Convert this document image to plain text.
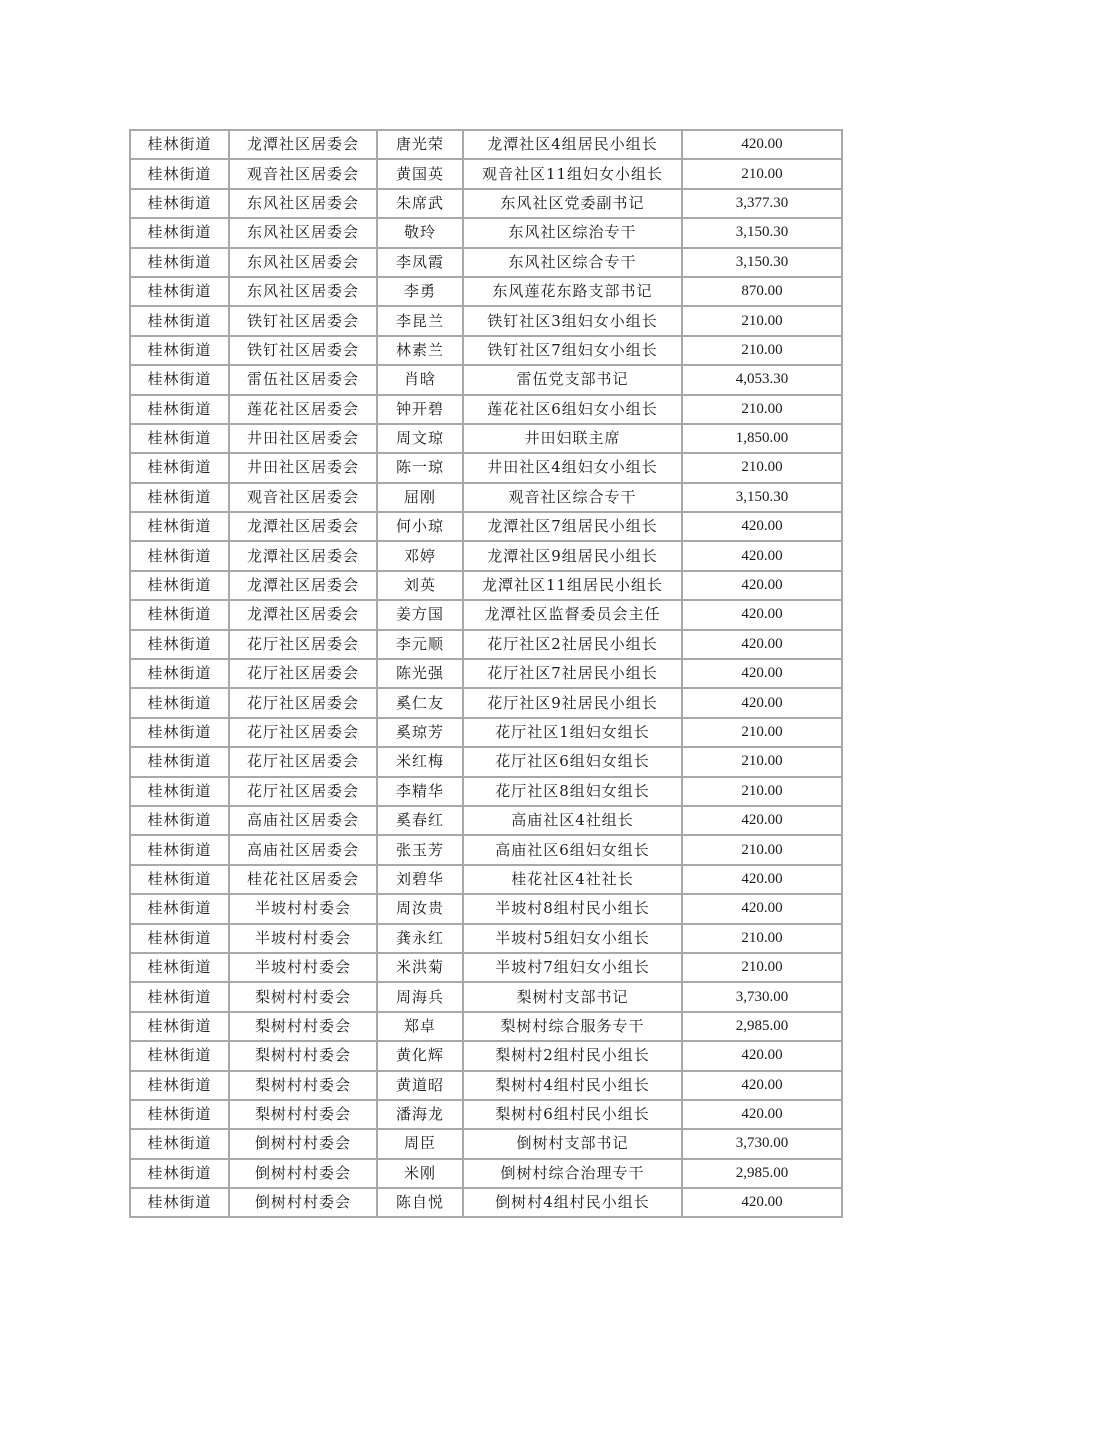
桂林街道	龙潭社区居委会	唐光荣	龙潭社区4组居民小组长	420.00
桂林街道	观音社区居委会	黄国英	观音社区11组妇女小组长	210.00
桂林街道	东风社区居委会	朱席武	东风社区党委副书记	3,377.30
桂林街道	东风社区居委会	敬玲	东风社区综治专干	3,150.30
桂林街道	东风社区居委会	李凤霞	东风社区综合专干	3,150.30
桂林街道	东风社区居委会	李勇	东风莲花东路支部书记	870.00
桂林街道	铁钉社区居委会	李昆兰	铁钉社区3组妇女小组长	210.00
桂林街道	铁钉社区居委会	林素兰	铁钉社区7组妇女小组长	210.00
桂林街道	雷伍社区居委会	肖晗	雷伍党支部书记	4,053.30
桂林街道	莲花社区居委会	钟开碧	莲花社区6组妇女小组长	210.00
桂林街道	井田社区居委会	周文琼	井田妇联主席	1,850.00
桂林街道	井田社区居委会	陈一琼	井田社区4组妇女小组长	210.00
桂林街道	观音社区居委会	屈刚	观音社区综合专干	3,150.30
桂林街道	龙潭社区居委会	何小琼	龙潭社区7组居民小组长	420.00
桂林街道	龙潭社区居委会	邓婷	龙潭社区9组居民小组长	420.00
桂林街道	龙潭社区居委会	刘英	龙潭社区11组居民小组长	420.00
桂林街道	龙潭社区居委会	姜方国	龙潭社区监督委员会主任	420.00
桂林街道	花厅社区居委会	李元顺	花厅社区2社居民小组长	420.00
桂林街道	花厅社区居委会	陈光强	花厅社区7社居民小组长	420.00
桂林街道	花厅社区居委会	奚仁友	花厅社区9社居民小组长	420.00
桂林街道	花厅社区居委会	奚琼芳	花厅社区1组妇女组长	210.00
桂林街道	花厅社区居委会	米红梅	花厅社区6组妇女组长	210.00
桂林街道	花厅社区居委会	李精华	花厅社区8组妇女组长	210.00
桂林街道	高庙社区居委会	奚春红	高庙社区4社组长	420.00
桂林街道	高庙社区居委会	张玉芳	高庙社区6组妇女组长	210.00
桂林街道	桂花社区居委会	刘碧华	桂花社区4社社长	420.00
桂林街道	半坡村村委会	周汝贵	半坡村8组村民小组长	420.00
桂林街道	半坡村村委会	龚永红	半坡村5组妇女小组长	210.00
桂林街道	半坡村村委会	米洪菊	半坡村7组妇女小组长	210.00
桂林街道	梨树村村委会	周海兵	梨树村支部书记	3,730.00
桂林街道	梨树村村委会	郑卓	梨树村综合服务专干	2,985.00
桂林街道	梨树村村委会	黄化辉	梨树村2组村民小组长	420.00
桂林街道	梨树村村委会	黄道昭	梨树村4组村民小组长	420.00
桂林街道	梨树村村委会	潘海龙	梨树村6组村民小组长	420.00
桂林街道	倒树村村委会	周臣	倒树村支部书记	3,730.00
桂林街道	倒树村村委会	米刚	倒树村综合治理专干	2,985.00
桂林街道	倒树村村委会	陈自悦	倒树村4组村民小组长	420.00
